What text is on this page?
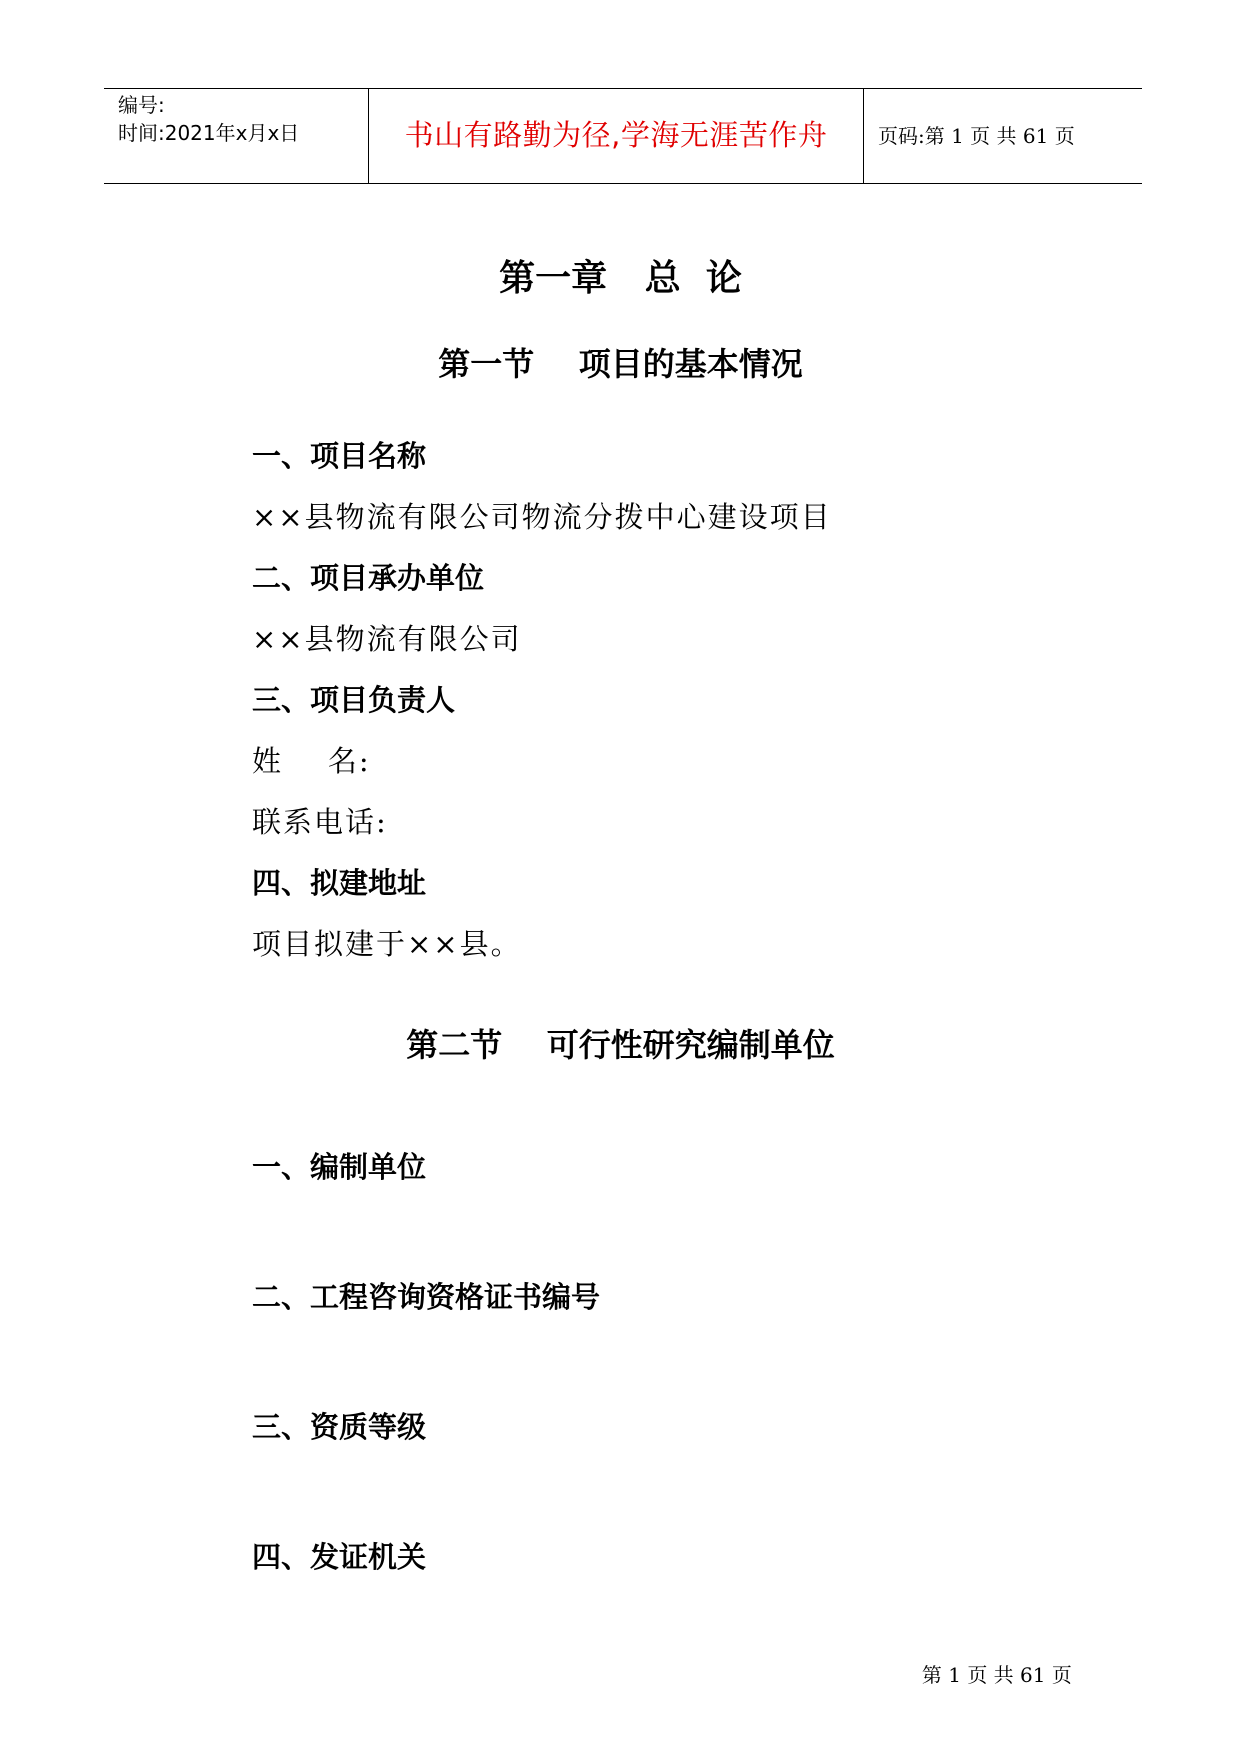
编号:
时间:2021年x月x日	书山有路勤为径,学海无涯苦作舟	页码:第 1 页 共 61 页
第一章   总  论
第一节    项目的基本情况
一、项目名称
××县物流有限公司物流分拨中心建设项目
二、项目承办单位
××县物流有限公司
三、项目负责人
姓    名:
联系电话:
四、拟建地址
项目拟建于××县。
第二节    可行性研究编制单位
一、编制单位
二、工程咨询资格证书编号
三、资质等级
四、发证机关

第 1 页 共 61 页
